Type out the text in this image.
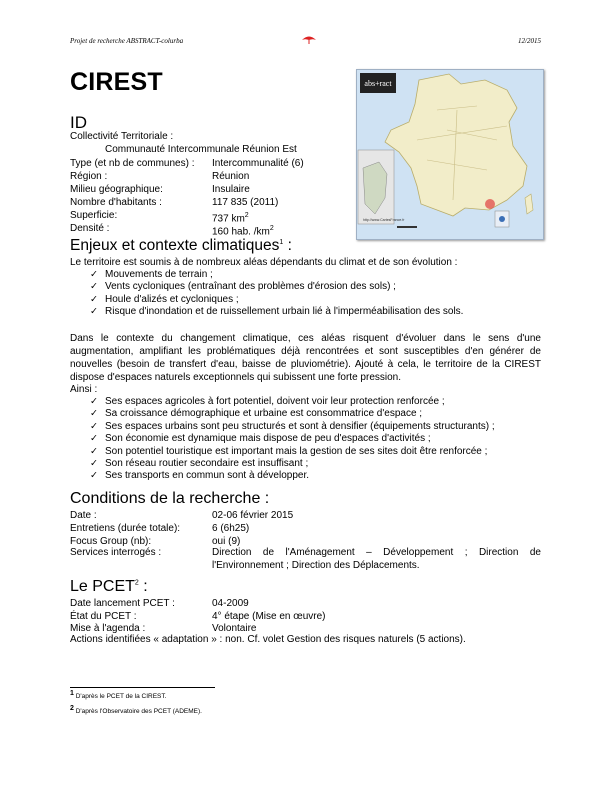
Projet de recherche ABSTRACT-colurba	12/2015
CIREST	abs+ract
http://www.CartesFrance.fr
ID
Collectivité Territoriale :
Communauté Intercommunale Réunion Est
Type (et nb de communes) : Intercommunalité (6)
Région :	Réunion
Milieu géographique:	Insulaire
Nombre d'habitants :	117 835 (2011)
Superficie:	737 $km^2$
Densité :	160 hab. $/km^2$
Enjeux et contexte climatiques$^1$ :
Le territoire est soumis à de nombreux aléas dépendants du climat et de son évolution :
✓ Mouvements de terrain ;
✓ Vents cycloniques (entraînant des problèmes d'érosion des sols) ;
✓ Houle d'alizés et cycloniques ;
✓ Risque d'inondation et de ruissellement urbain lié à l'imperméabilisation des sols.
Dans le contexte du changement climatique, ces aléas risquent d'évoluer dans le sens d'une augmentation, amplifiant les problématiques déjà rencontrées et sont susceptibles d'en générer de nouvelles (besoin de transfert d'eau, baisse de pluviométrie). Ajouté à cela, le territoire de la CIREST dispose d'espaces naturels exceptionnels qui subissent une forte pression.
Ainsi :
✓ Ses espaces agricoles à fort potentiel, doivent voir leur protection renforcée ;
✓ Sa croissance démographique et urbaine est consommatrice d'espace ;
✓ Ses espaces urbains sont peu structurés et sont à densifier (équipements structurants) ;
✓ Son économie est dynamique mais dispose de peu d'espaces d'activités ;
✓ Son potentiel touristique est important mais la gestion de ses sites doit être renforcée ;
✓ Son réseau routier secondaire est insuffisant ;
✓ Ses transports en commun sont à développer.
Conditions de la recherche :
Date :	02-06 février 2015
Entretiens (durée totale):	6 (6h25)
Focus Group (nb):	oui (9)
Services interrogés :	Direction de l'Aménagement – Développement ; Direction de l'Environnement ; Direction des Déplacements.
Le PCET$^2$ :
Date lancement PCET :	04-2009
État du PCET :	4° étape (Mise en œuvre)
Mise à l'agenda :	Volontaire
Actions identifiées « adaptation » : non. Cf. volet Gestion des risques naturels (5 actions).
$^1$ D'après le PCET de la CIREST.
$^2$ D'après l'Observatoire des PCET (ADEME).
